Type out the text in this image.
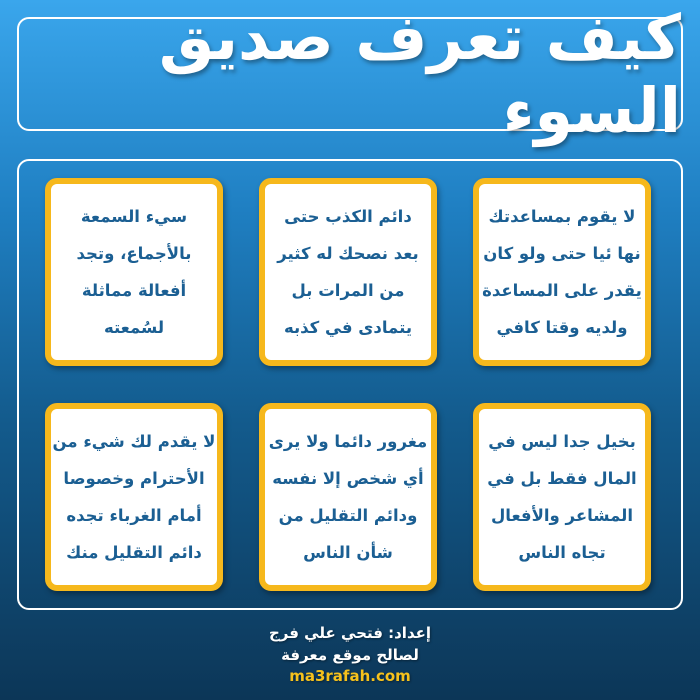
كيف تعرف صديق السوء
لا يقوم بمساعدتك
نها ئيا حتى ولو كان
يقدر على المساعدة
ولديه وقتا كافي
دائم الكذب حتى
بعد نصحك له كثير
من المرات بل
يتمادى في كذبه
سيء السمعة
بالأجماع، وتجد
أفعالة مماثلة
لسُمعته
بخيل جدا ليس في
المال فقط بل في
المشاعر والأفعال
تجاه الناس
مغرور دائما ولا يرى
أي شخص إلا نفسه
ودائم التقليل من
شأن الناس
لا يقدم لك شيء من
الأحترام وخصوصا
أمام الغرباء تجده
دائم التقليل منك
إعداد: فتحي علي فرج
لصالح موقع معرفة
ma3rafah.com
